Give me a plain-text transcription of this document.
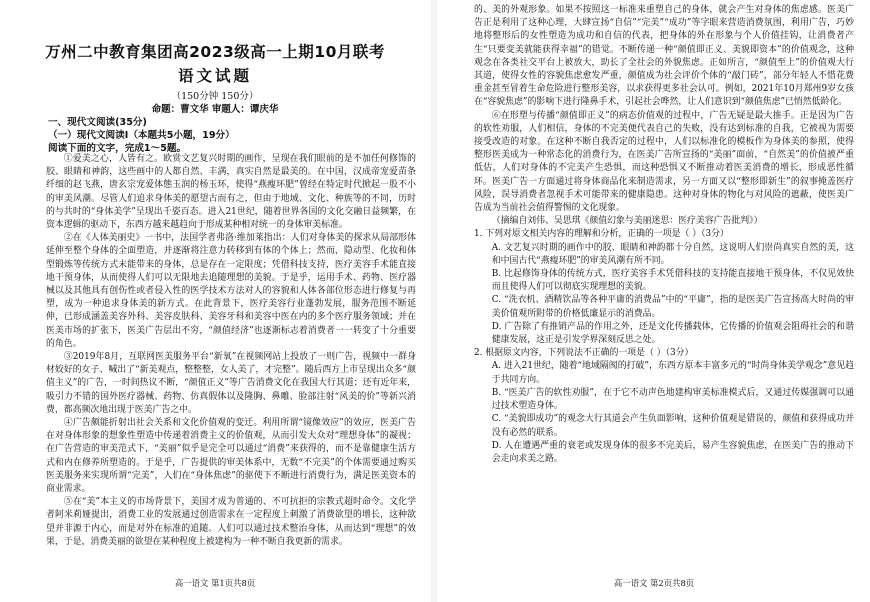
万州二中教育集团高2023级高一上期10月联考
语文试题
（150分钟 150分）
命题：曹文华 审题人：谭庆华
一、现代文阅读(35分)
（一）现代文阅读Ⅰ（本题共5小题，19分）
阅读下面的文字，完成1～5题。

①爱美之心，人皆有之。欧赏文艺复兴时期的画作，呈现在我们眼前的是不加任何修饰的胶、眼睛和神韵，这些画中的人都自然、丰满，真实自然是最美的。在中国，汉成帝宠爱苗条纤细的赵飞燕，唐玄宗宠爱体態玉润的杨玉环，使得“燕瘦环肥”曾经在特定时代掀起一股不小的审美风潮。尽管人们追求身体美的愿望古而有之，但由于地域、文化、种族等的不同，历时的与共时的“身体美学”呈现出千姿百态。进入21世纪，随着世界各国的文化交融日益频繁，在资本逻辑的驱动下，东西方越来越趋向于形成某种相对统一的身体审美标准。

②在《人体美丽史》一书中，法国学者弗洛·维加莱指出：人们对身体美的探求从局部形体延伸至整个身体的全面塑造，并逐渐将注意力转移到有体的个体上；然而，隐动型、化妆和体型锻炼等传统方式未能带来的身体，总是存在一定限度；凭借科技支持，医疗美容手术能直接地干预身体，从而使得人们可以无限地去追随理想的美貌。于是乎，运用手术、药物、医疗器械以及其他具有创伤性或者侵入性的医学技术方法对人的容貌和人体各部位形态进行修复与再塑，成为一种追求身体美的新方式。在此背景下，医疗美容行业蓬勃发展，服务范围不断延伸，已形成涵盖美容外科、美容皮肤科、美容牙科和美容中医在内的多个医疗服务领域；并在医美市场的扩张下，医美广告层出不穷，“颜值经济”也逐渐标志着消费者一一转变了十分重要的角色。

③2019年8月，互联网医美服务平台“新氧”在视频网站上投放了一则广告，视频中一群身材姣好的女子、喊出了“新美观点，整整整，女人美了，才完整”。随后西方上市呈现出众多“颜值主义”的广告，一时间热议不断，“颜值正义”等广告消费文化在我国大行其道；还有近年来，吸引力不错的国外医疗器械、药物、仿真假体以及隆胸、鼻雕、脸部注射“风美的价”等新兴消费，都高频次地出现于医美广告之中。

④广告颇能折射出社会关系和文化价值观的变迁。利用所谓“镜像效应”的效应，医美广告在对身体形象的想象性塑造中传递着消费主义的价值观，从而引发大众对“理想身体”的凝视；在广告营造的审美范式下，“美丽”似乎是完全可以通过“消费”来获得的，而不是靠健康生活方式和内在修养所塑造的。于是乎，广告提供的审美体系中，无数“不完美”的个体需要通过购买医美服务来实现所谓“完美”，人们在“身体焦虑”的驱使下不断进行消费行为，满足医美资本的商业需求。

⑤在“美”本主义的市场背景下，美国才成为普通的、不可抗拒的宗教式超时命令。文化学者阿米莉娅提出，消费工业的发展通过创造需求在一定程度上刺激了消费欲望的增长，这种欲望并非源于内心，而是对外在标准的追随。人们可以通过技术整治身体，从而达到“理想”的效果，于是，消费美丽的欲望在某种程度上被建构为一种不断自我更新的需求。

高一语文 第1页共8页

的、美的外观形象。如果不按照这一标准来重塑自己的身体，就会产生对身体的焦虑感。医美广告正是利用了这种心理，大肆宣扬“自信”“完美”“成功”等字眼来营造消费氛围，利用广告，巧妙地将整形后的女性塑造为成功和自信的代表，把身体的外在形象与个人价值挂钩，让消费者产生“只要变美就能获得幸福”的错觉。不断传递一种“颜值即正义、美貌即资本”的价值观念，这种观念在各类社交平台上被放大，助长了全社会的外貌焦虑。正如所言，“颜值至上”的价值观大行其道，使得女性的容貌焦虑愈发严重，颜值成为社会评价个体的“敲门砖”，部分年轻人不惜花费重金甚至冒着生命危险进行整形美容，以求获得更多社会认可。例如，2021年10月郑州9岁女孩在“容貌焦虑”的影响下进行隆鼻手术，引起社会哗然，让人们意识到“颜值焦虑”已悄然低龄化。

⑥在形塑与传播“颜值即正义”的病态价值观的过程中，广告无疑是最大推手。正是因为广告的软性劝服，人们相信，身体的不完美便代表自己的失败，没有达到标准的自我，它被视为需要接受改造的对象。在这种不断自我否定的过程中，人们以标准化的模板作为身体美的参照，使得整形医美成为一种常态化的消费行为，在医美广告所宣扬的“美丽”面前，“自然美”的价值被严重低估，人们对身体的不完美产生恐惧，而这种恐惧又不断推动着医美消费的增长，形成恶性循环。医美广告一方面通过将身体商品化来制造需求，另一方面又以“整形即新生”的叙事掩盖医疗风险，误导消费者忽视手术可能带来的健康隐患。这种对身体的物化与对风险的遮蔽，使医美广告成为当前社会值得警惕的文化现象。

（摘编自刘伟、吴思琪《颜值幻象与美丽迷思：医疗美容广告批判》）

1. 下列对原文相关内容的理解和分析，正确的一项是（ ）（3分）

A. 文艺复兴时期的画作中的胶、眼睛和神韵都十分自然，这说明人们崇尚真实自然的美，这和中国古代“燕瘦环肥”的审美风潮有所不同。

B. 比起修饰身体的传统方式，医疗美容手术凭借科技的支持能直接地干预身体，不仅见效快而且使得人们可以彻底实现理想的美貌。

C. “洗衣机、酒精饮品等各种平庸的消费品”中的“平庸”，指的是医美广告宣扬高大时尚的审美价值观所附带的价格低廉显示的消费品。

D. 广告除了有推销产品的作用之外，还是文化传播载体，它传播的价值观会阻碍社会的和谐健康发展，这正是引发学界深刻反思之处。

2. 根据原文内容，下列说法不正确的一项是（ ）（3分）

A. 进入21世纪，随着“地域隔阂的打破”，东西方原本丰富多元的“时尚身体美学观念”意见趋于共同方向。

B. “医美广告的软性劝服”，在于它不动声色地建构审美标准模式后，又通过传媒强调可以通过技术塑造身体。

C. “美貌即成功”的观念大行其道会产生负面影响，这种价值观是错误的，颜值和获得成功并没有必然的联系。

D. 人在遭遇严重的衰老或发现身体的很多不完美后，易产生容貌焦虑，在医美广告的推动下会走向求美之路。

高一语文 第2页共8页
